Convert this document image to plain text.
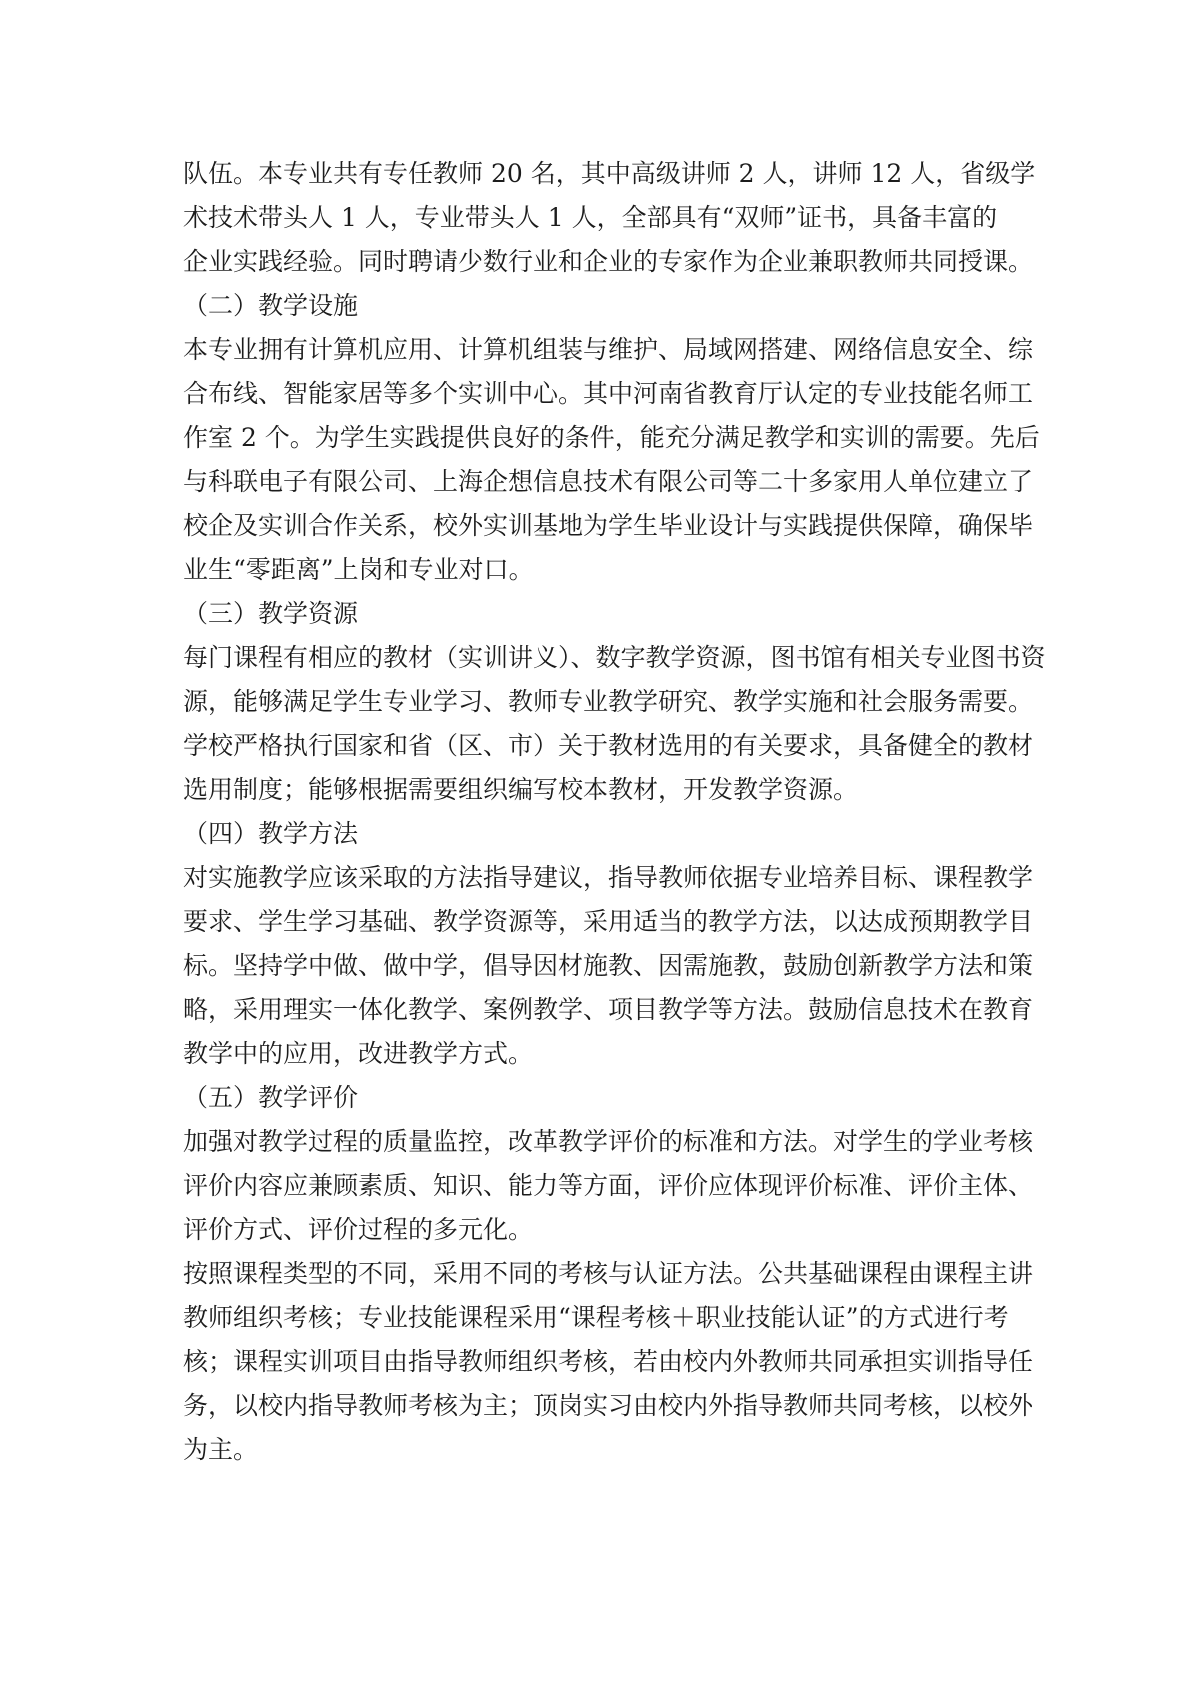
队伍。本专业共有专任教师 20 名，其中高级讲师 2 人，讲师 12 人，省级学
术技术带头人 1 人，专业带头人 1 人，全部具有“双师”证书，具备丰富的
企业实践经验。同时聘请少数行业和企业的专家作为企业兼职教师共同授课。
（二）教学设施
本专业拥有计算机应用、计算机组装与维护、局域网搭建、网络信息安全、综
合布线、智能家居等多个实训中心。其中河南省教育厅认定的专业技能名师工
作室 2 个。为学生实践提供良好的条件，能充分满足教学和实训的需要。先后
与科联电子有限公司、上海企想信息技术有限公司等二十多家用人单位建立了
校企及实训合作关系，校外实训基地为学生毕业设计与实践提供保障，确保毕
业生“零距离”上岗和专业对口。
（三）教学资源
每门课程有相应的教材（实训讲义）、数字教学资源，图书馆有相关专业图书资
源，能够满足学生专业学习、教师专业教学研究、教学实施和社会服务需要。
学校严格执行国家和省（区、市）关于教材选用的有关要求，具备健全的教材
选用制度；能够根据需要组织编写校本教材，开发教学资源。
（四）教学方法
对实施教学应该采取的方法指导建议，指导教师依据专业培养目标、课程教学
要求、学生学习基础、教学资源等，采用适当的教学方法，以达成预期教学目
标。坚持学中做、做中学，倡导因材施教、因需施教，鼓励创新教学方法和策
略，采用理实一体化教学、案例教学、项目教学等方法。鼓励信息技术在教育
教学中的应用，改进教学方式。
（五）教学评价
加强对教学过程的质量监控，改革教学评价的标准和方法。对学生的学业考核
评价内容应兼顾素质、知识、能力等方面，评价应体现评价标准、评价主体、
评价方式、评价过程的多元化。
按照课程类型的不同，采用不同的考核与认证方法。公共基础课程由课程主讲
教师组织考核；专业技能课程采用“课程考核＋职业技能认证”的方式进行考
核；课程实训项目由指导教师组织考核，若由校内外教师共同承担实训指导任
务，以校内指导教师考核为主；顶岗实习由校内外指导教师共同考核，以校外
为主。
